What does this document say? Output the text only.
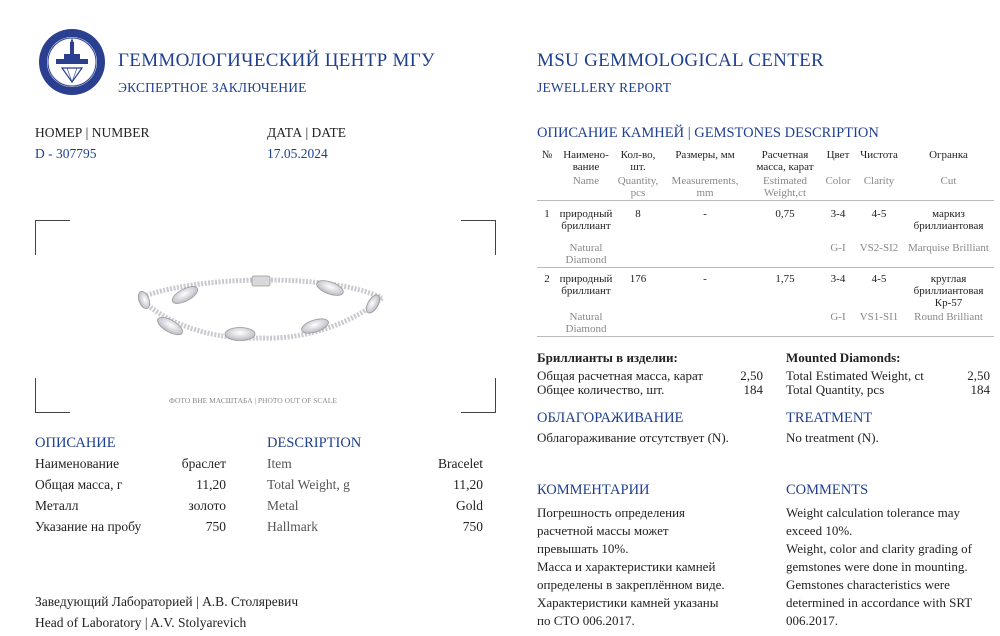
ГЕММОЛОГИЧЕСКИЙ ЦЕНТР МГУ
ЭКСПЕРТНОЕ ЗАКЛЮЧЕНИЕ
MSU GEMMOLOGICAL CENTER
JEWELLERY REPORT
НОМЕР | NUMBER
D - 307795
ДАТА | DATE
17.05.2024
ФОТО ВНЕ МАСШТАБА | PHOTO OUT OF SCALE
ОПИСАНИЕ
Наименование	браслет
Общая масса, г	11,20
Металл	золото
Указание на пробу	750
DESCRIPTION
Item	Bracelet
Total Weight, g	11,20
Metal	Gold
Hallmark	750
Заведующий Лабораторией | А.В. Столяревич
Head of Laboratory | A.V. Stolyarevich
ОПИСАНИЕ КАМНЕЙ | GEMSTONES DESCRIPTION
№	Наимено-вание	Кол-во, шт.	Размеры, мм	Расчетная масса, карат	Цвет	Чистота	Огранка
	Name	Quantity, pcs	Measurements, mm	Estimated Weight,ct	Color	Clarity	Cut

1	природный бриллиант	8	-	0,75	3-4	4-5	маркиз бриллиантовая

	Natural Diamond				G-I	VS2-SI2	Marquise Brilliant

2	природный бриллиант	176	-	1,75	3-4	4-5	круглая бриллиантовая Кр-57
	Natural Diamond				G-I	VS1-SI1	Round Brilliant

Бриллианты в изделии:
Общая расчетная масса, карат	2,50
Общее количество, шт.	184
Mounted Diamonds:
Total Estimated Weight, ct	2,50
Total Quantity, pcs	184
ОБЛАГОРАЖИВАНИЕ
Облагораживание отсутствует (N).
TREATMENT
No treatment (N).
КОММЕНТАРИИ
Погрешность определения
расчетной массы может
превышать 10%.
Масса и характеристики камней
определены в закреплённом виде.
Характеристики камней указаны
по СТО 006.2017.
COMMENTS
Weight calculation tolerance may
exceed 10%.
Weight, color and clarity grading of
gemstones were done in mounting.
Gemstones characteristics were
determined in accordance with SRT
006.2017.
